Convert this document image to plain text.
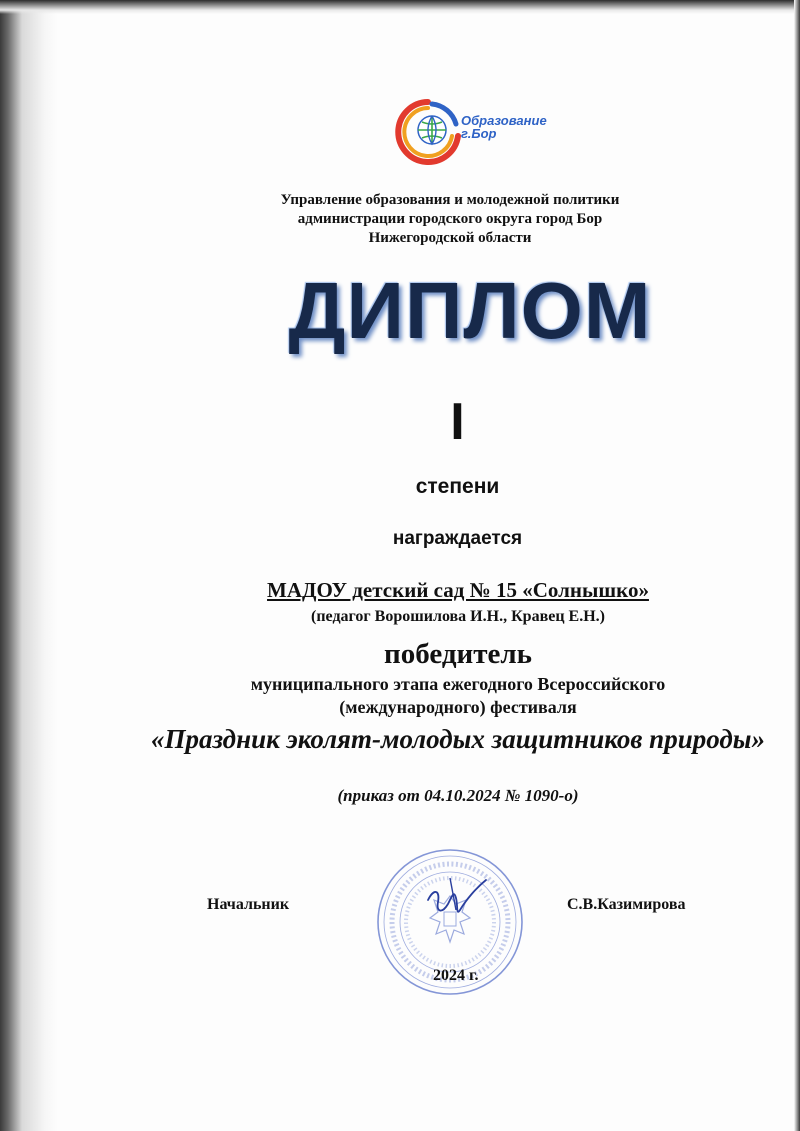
Образование
г.Бор
Управление образования и молодежной политики
администрации городского округа город Бор
Нижегородской области
ДИПЛОМ
I
степени
награждается
МАДОУ детский сад № 15 «Солнышко»
(педагог Ворошилова И.Н., Кравец Е.Н.)
победитель
муниципального этапа ежегодного Всероссийского
(международного) фестиваля
«Праздник эколят-молодых защитников природы»
(приказ от 04.10.2024 № 1090-о)
Начальник	С.В.Казимирова
2024 г.
